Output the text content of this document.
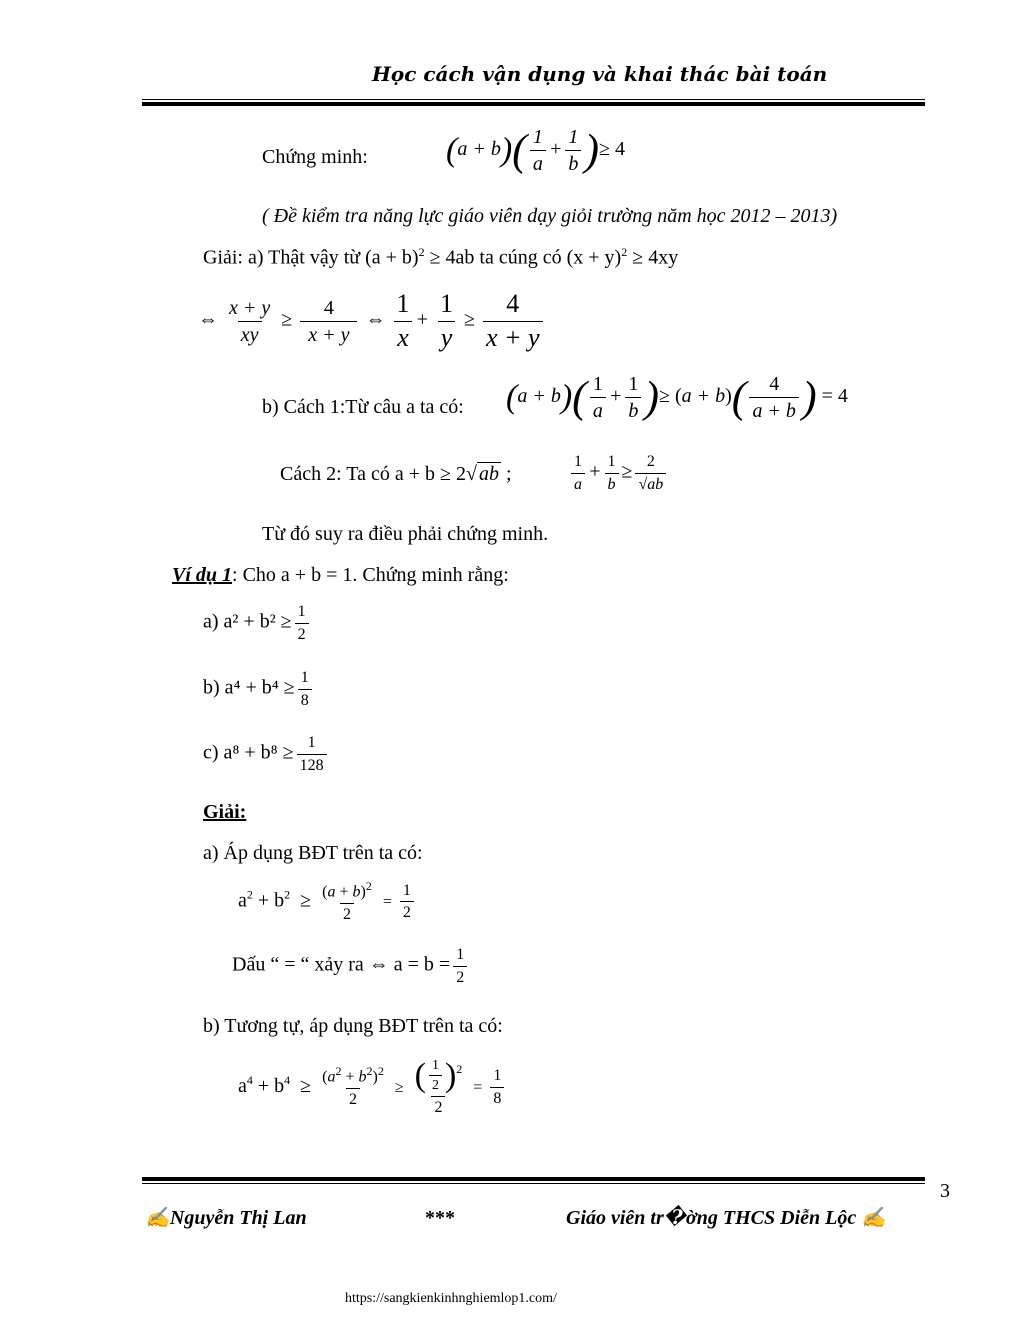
Học cách vận dụng và khai thác bài toán
Chứng minh: $(a + b)( \frac{1}{a} + \frac{1}{b}$ )≥ 4
( Đề kiểm tra năng lực giáo viên dạy giỏi trường năm học 2012 – 2013)
Giải: a) Thật vậy từ $(a + b)^2 \ge 4ab$ ta cúng có $(x + y)^2 \ge 4xy$
⇔ $\frac{x + y}{xy} \ge \frac{4}{x + y}$ ⇔ $\frac{1}{x} + \frac{1}{y} \ge \frac{4}{x + y}$
b) Cách 1:Từ câu a ta có: $(a + b)( \frac{1}{a} + \frac{1}{b}$ )≥ $(a + b)( \frac{4}{a + b}$ ) = 4
Cách 2: Ta có a + b ≥ 2√ ab ;	$\frac{1}{a} + \frac{1}{b} \ge \frac{2}{√ab}$
Từ đó suy ra điều phải chứng minh.
Ví dụ 1: Cho a + b = 1. Chứng minh rằng:
a) $a^2 + b^2 \ge \frac{1}{2}$
b) $a^4 + b^4 \ge \frac{1}{8}$
c) $a^8 + b^8 \ge \frac{1}{128}$
Giải:
a) Áp dụng BĐT trên ta có:
$a^2 + b^2 \ge \frac{(a + b)^2}{2} = \frac{1}{2}$
Dấu “ = “ xảy ra ⇔ $a = b = \frac{1}{2}$
b) Tương tự, áp dụng BĐT trên ta có:
$a^4 + b^4 \ge \frac{(a^2 + b^2)^2}{2} \ge \frac{( \frac{1}{2} )^2}{2} = \frac{1}{8}$
3
✍Nguyễn Thị Lan	***	Giáo viên tr�ờng THCS Diễn Lộc ✍
https://sangkienkinhnghiemlop1.com/
